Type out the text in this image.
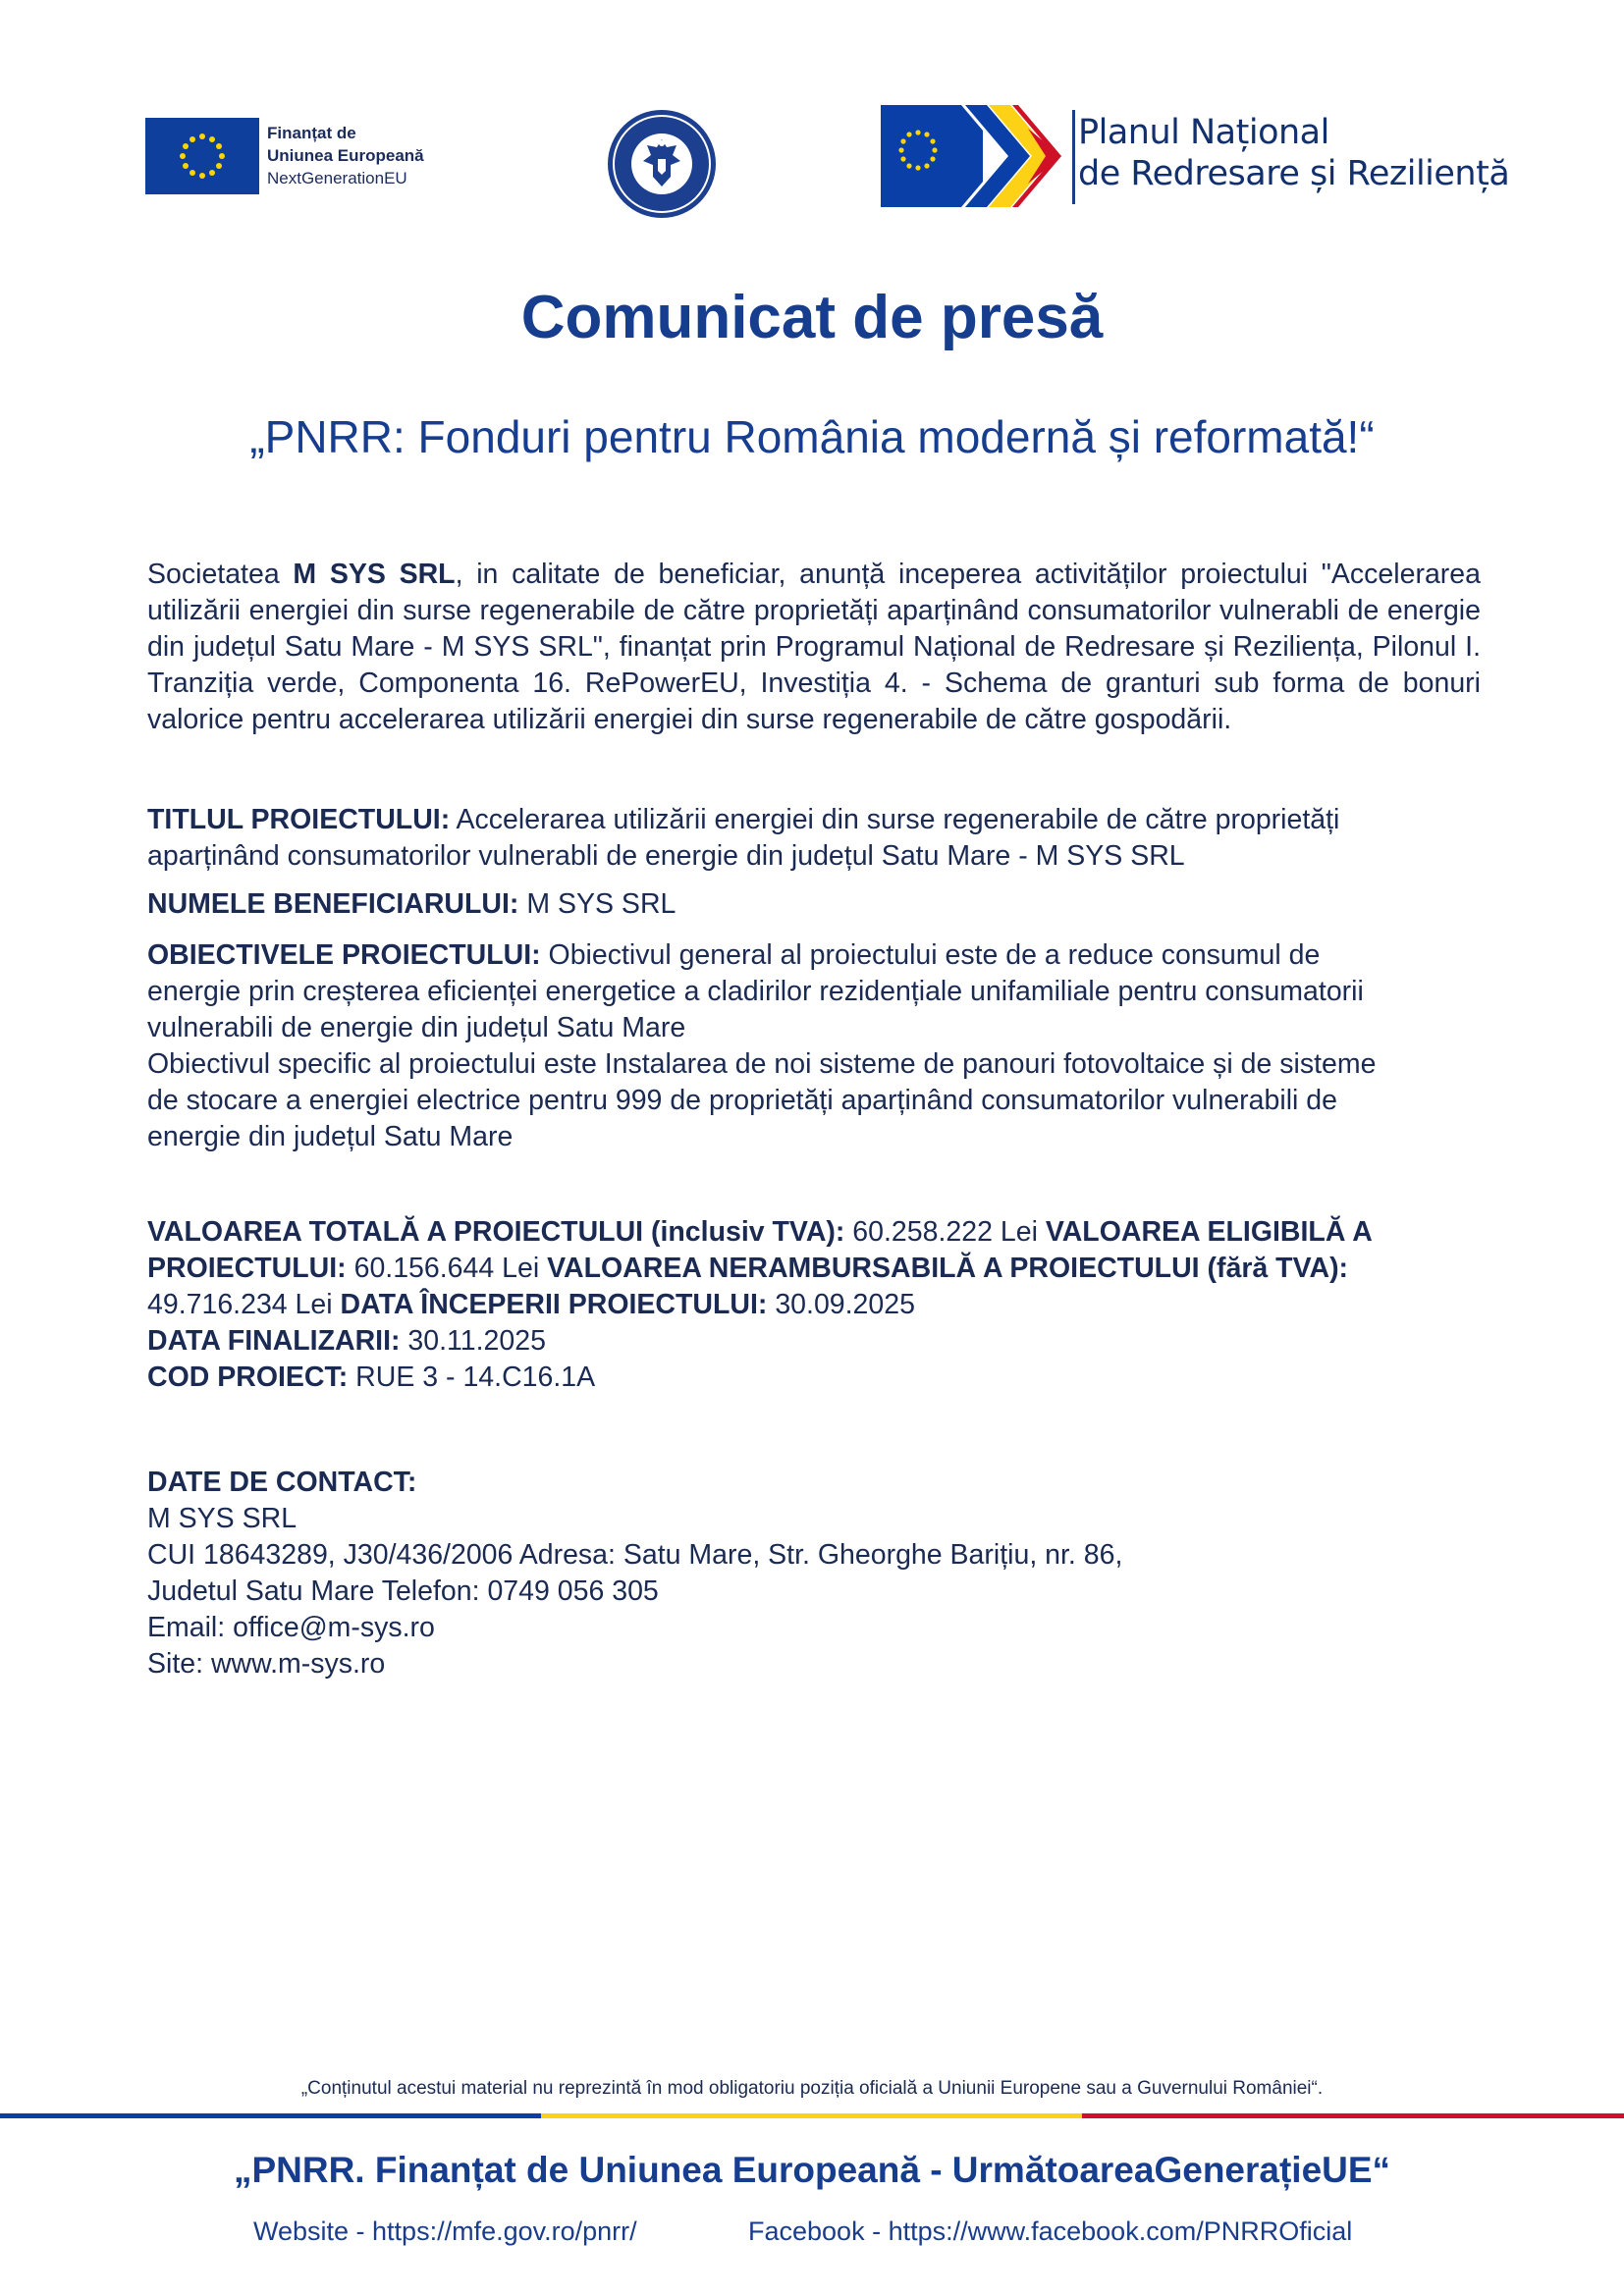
Finanțat de
Uniunea Europeană
NextGenerationEU
Planul Național
de Redresare și Reziliență
Comunicat de presă
„PNRR: Fonduri pentru România modernă și reformată!“
Societatea M SYS SRL, in calitate de beneficiar, anunță inceperea activităților proiectului "Accelerarea utilizării energiei din surse regenerabile de către proprietăți aparținând consumatorilor vulnerabli de energie din județul Satu Mare - M SYS SRL", finanțat prin Programul Național de Redresare și Reziliența, Pilonul I. Tranziția verde, Componenta 16. RePowerEU, Investiția 4. - Schema de granturi sub forma de bonuri valorice pentru accelerarea utilizării energiei din surse regenerabile de către gospodării.
TITLUL PROIECTULUI: Accelerarea utilizării energiei din surse regenerabile de către proprietăți
aparținând consumatorilor vulnerabli de energie din județul Satu Mare - M SYS SRL
NUMELE BENEFICIARULUI: M SYS SRL
OBIECTIVELE PROIECTULUI: Obiectivul general al proiectului este de a reduce consumul de
energie prin creșterea eficienței energetice a cladirilor rezidențiale unifamiliale pentru consumatorii
vulnerabili de energie din județul Satu Mare
Obiectivul specific al proiectului este Instalarea de noi sisteme de panouri fotovoltaice și de sisteme
de stocare a energiei electrice pentru 999 de proprietăți aparținând consumatorilor vulnerabili de
energie din județul Satu Mare
VALOAREA TOTALĂ A PROIECTULUI (inclusiv TVA): 60.258.222 Lei VALOAREA ELIGIBILĂ A
PROIECTULUI: 60.156.644 Lei VALOAREA NERAMBURSABILĂ A PROIECTULUI (fără TVA):
49.716.234 Lei DATA ÎNCEPERII PROIECTULUI: 30.09.2025
DATA FINALIZARII: 30.11.2025
COD PROIECT: RUE 3 - 14.C16.1A
DATE DE CONTACT:
M SYS SRL
CUI 18643289, J30/436/2006 Adresa: Satu Mare, Str. Gheorghe Barițiu, nr. 86,
Judetul Satu Mare Telefon: 0749 056 305
Email: office@m-sys.ro
Site: www.m-sys.ro
„Conținutul acestui material nu reprezintă în mod obligatoriu poziția oficială a Uniunii Europene sau a Guvernului României“.
„PNRR. Finanțat de Uniunea Europeană - UrmătoareaGenerațieUE“
Website - https://mfe.gov.ro/pnrr/	Facebook - https://www.facebook.com/PNRROficial
